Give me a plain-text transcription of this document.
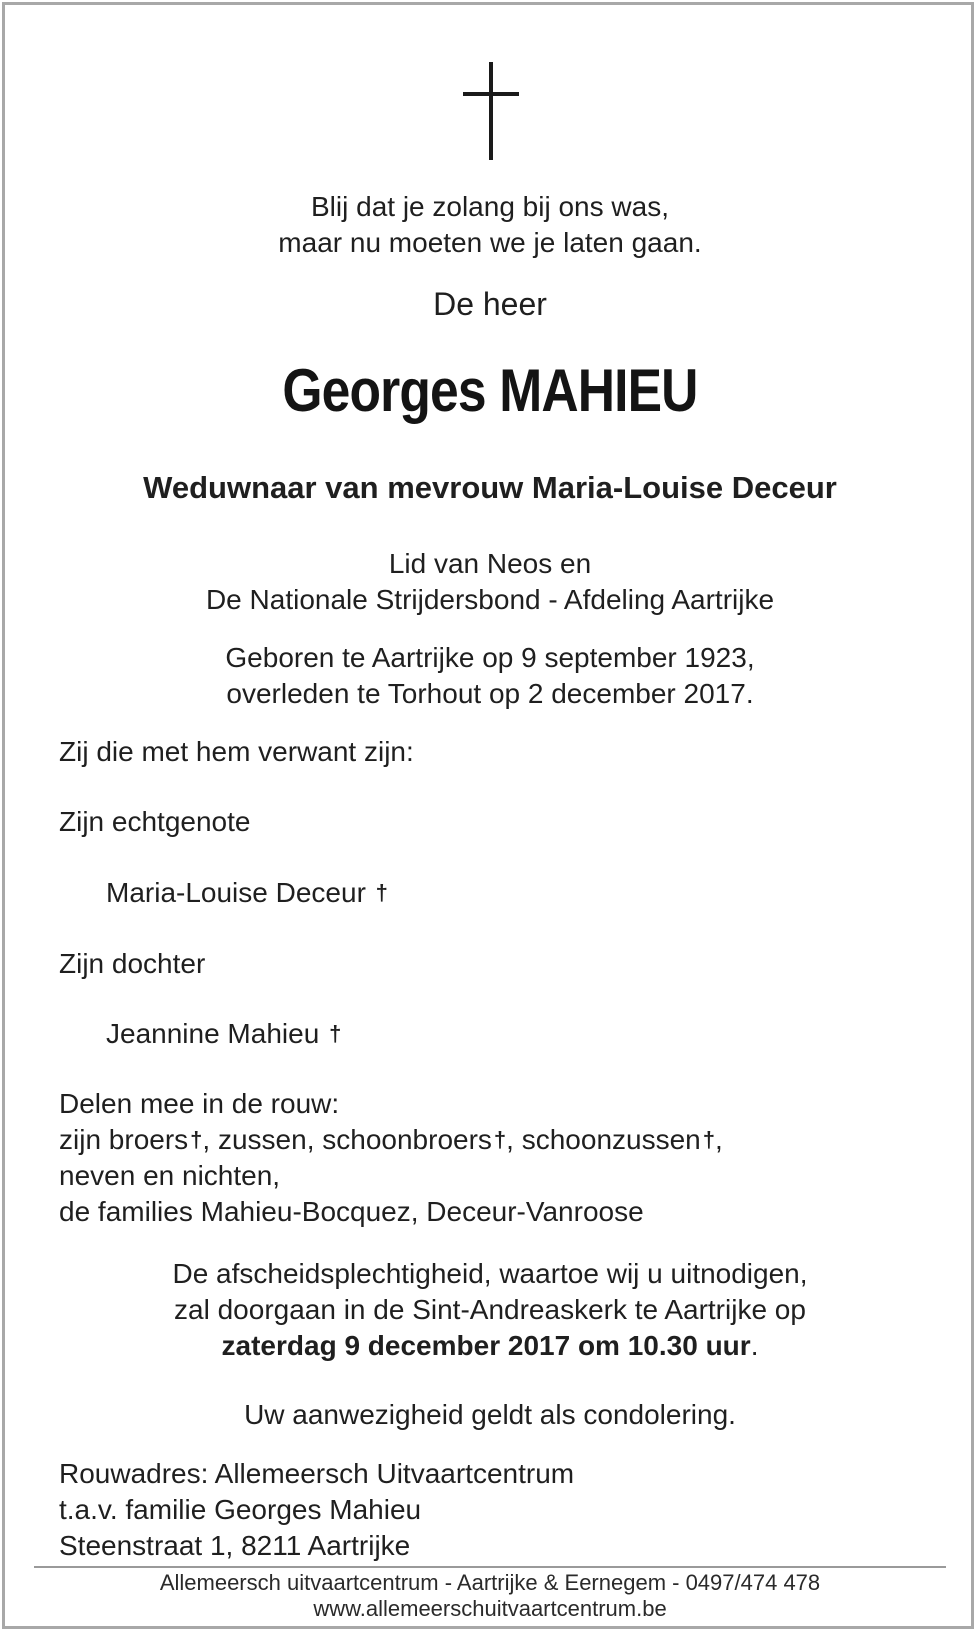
Blij dat je zolang bij ons was,
maar nu moeten we je laten gaan.
De heer
Georges MAHIEU
Weduwnaar van mevrouw Maria-Louise Deceur
Lid van Neos en
De Nationale Strijdersbond - Afdeling Aartrijke
Geboren te Aartrijke op 9 september 1923,
overleden te Torhout op 2 december 2017.
Zij die met hem verwant zijn:
Zijn echtgenote
Maria-Louise Deceur †
Zijn dochter
Jeannine Mahieu †
Delen mee in de rouw:
zijn broers†, zussen, schoonbroers†, schoonzussen†,
neven en nichten,
de families Mahieu-Bocquez, Deceur-Vanroose
De afscheidsplechtigheid, waartoe wij u uitnodigen,
zal doorgaan in de Sint-Andreaskerk te Aartrijke op
zaterdag 9 december 2017 om 10.30 uur.
Uw aanwezigheid geldt als condolering.
Rouwadres: Allemeersch Uitvaartcentrum
t.a.v. familie Georges Mahieu
Steenstraat 1, 8211 Aartrijke
Allemeersch uitvaartcentrum - Aartrijke & Eernegem - 0497/474 478
www.allemeerschuitvaartcentrum.be
